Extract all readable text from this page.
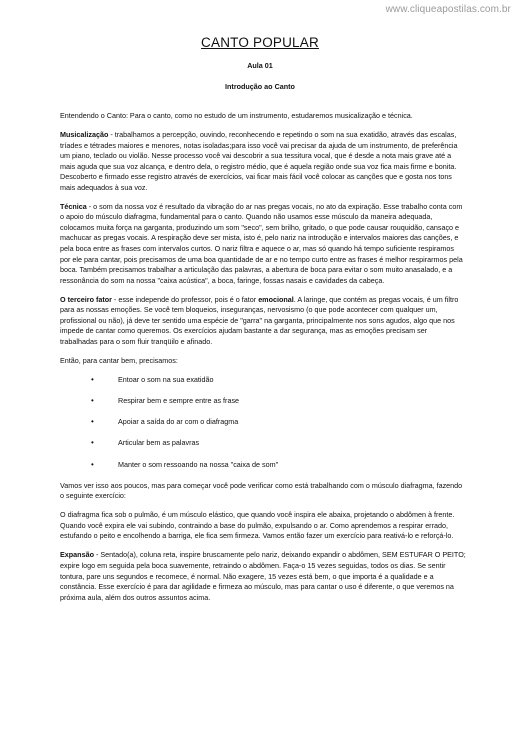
www.cliqueapostilas.com.br
CANTO POPULAR
Aula 01
Introdução ao Canto

Entendendo o Canto: Para o canto, como no estudo de um instrumento, estudaremos musicalização e técnica.

Musicalização - trabalhamos a percepção, ouvindo, reconhecendo e repetindo o som na sua exatidão, através das escalas, tríades e tétrades maiores e menores, notas isoladas;para isso você vai precisar da ajuda de um instrumento, de preferência um piano, teclado ou violão. Nesse processo você vai descobrir a sua tessitura vocal, que é desde a nota mais grave até a mais aguda que sua voz alcança, e dentro dela, o registro médio, que é aquela região onde sua voz fica mais firme e bonita. Descoberto e firmado esse registro através de exercícios, vai ficar mais fácil você colocar as canções que e gosta nos tons mais adequados à sua voz.

Técnica - o som da nossa voz é resultado da vibração do ar nas pregas vocais, no ato da expiração. Esse trabalho conta com o apoio do músculo diafragma, fundamental para o canto. Quando não usamos esse músculo da maneira adequada, colocamos muita força na garganta, produzindo um som "seco", sem brilho, gritado, o que pode causar rouquidão, cansaço e machucar as pregas vocais. A respiração deve ser mista, isto é, pelo nariz na introdução e intervalos maiores das canções, e pela boca entre as frases com intervalos curtos. O nariz filtra e aquece o ar, mas só quando há tempo suficiente respiramos por ele para cantar, pois precisamos de uma boa quantidade de ar e no tempo curto entre as frases é melhor respirarmos pela boca. Também precisamos trabalhar a articulação das palavras, a abertura de boca para evitar o som muito anasalado, e a ressonância do som na nossa "caixa acústica", a boca, faringe, fossas nasais e cavidades da cabeça.

O terceiro fator - esse independe do professor, pois é o fator emocional. A laringe, que contém as pregas vocais, é um filtro para as nossas emoções. Se você tem bloqueios, inseguranças, nervosismo (o que pode acontecer com qualquer um, profissional ou não), já deve ter sentido uma espécie de "garra" na garganta, principalmente nos sons agudos, algo que nos impede de cantar como queremos. Os exercícios ajudam bastante a dar segurança, mas as emoções precisam ser trabalhadas para o som fluir tranqüilo e afinado.

Então, para cantar bem, precisamos:

•	Entoar o som na sua exatidão
•	Respirar bem e sempre entre as frase
•	Apoiar a saída do ar com o diafragma
•	Articular bem as palavras
•	Manter o som ressoando na nossa "caixa de som"

Vamos ver isso aos poucos, mas para começar você pode verificar como está trabalhando com o músculo diafragma, fazendo o seguinte exercício:

O diafragma fica sob o pulmão, é um músculo elástico, que quando você inspira ele abaixa, projetando o abdômen à frente. Quando você expira ele vai subindo, contraindo a base do pulmão, expulsando o ar. Como aprendemos a respirar errado, estufando o peito e encolhendo a barriga, ele fica sem firmeza. Vamos então fazer um exercício para reativá-lo e reforçá-lo.

Expansão - Sentado(a), coluna reta, inspire bruscamente pelo nariz, deixando expandir o abdômen, SEM ESTUFAR O PEITO; expire logo em seguida pela boca suavemente, retraindo o abdômen. Faça-o 15 vezes seguidas, todos os dias. Se sentir tontura, pare uns segundos e recomece, é normal. Não exagere, 15 vezes está bem, o que importa é a qualidade e a constância. Esse exercício é para dar agilidade e firmeza ao músculo, mas para cantar o uso é diferente, o que veremos na próxima aula, além dos outros assuntos acima.
